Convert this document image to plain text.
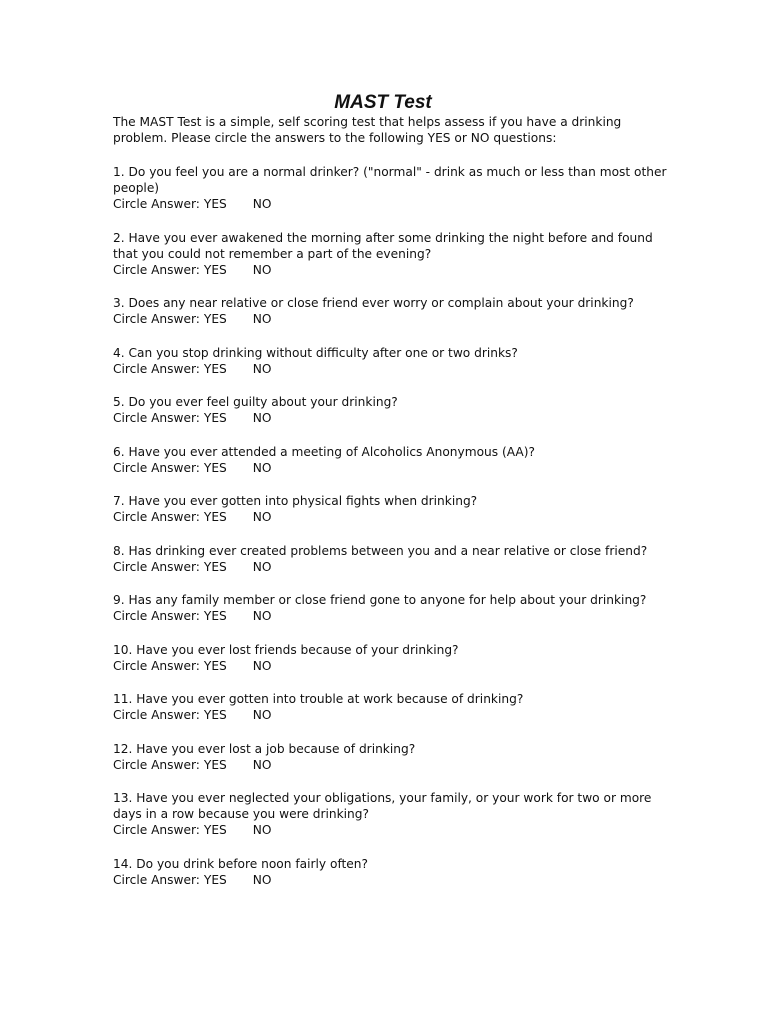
MAST Test
The MAST Test is a simple, self scoring test that helps assess if you have a drinking problem. Please circle the answers to the following YES or NO questions:
1. Do you feel you are a normal drinker? ("normal" - drink as much or less than most other people)
Circle Answer: YES NO
2. Have you ever awakened the morning after some drinking the night before and found that you could not remember a part of the evening?
Circle Answer: YES NO
3. Does any near relative or close friend ever worry or complain about your drinking?
Circle Answer: YES NO
4. Can you stop drinking without difficulty after one or two drinks?
Circle Answer: YES NO
5. Do you ever feel guilty about your drinking?
Circle Answer: YES NO
6. Have you ever attended a meeting of Alcoholics Anonymous (AA)?
Circle Answer: YES NO
7. Have you ever gotten into physical fights when drinking?
Circle Answer: YES NO
8. Has drinking ever created problems between you and a near relative or close friend?
Circle Answer: YES NO
9. Has any family member or close friend gone to anyone for help about your drinking?
Circle Answer: YES NO
10. Have you ever lost friends because of your drinking?
Circle Answer: YES NO
11. Have you ever gotten into trouble at work because of drinking?
Circle Answer: YES NO
12. Have you ever lost a job because of drinking?
Circle Answer: YES NO
13. Have you ever neglected your obligations, your family, or your work for two or more days in a row because you were drinking?
Circle Answer: YES NO
14. Do you drink before noon fairly often?
Circle Answer: YES NO
